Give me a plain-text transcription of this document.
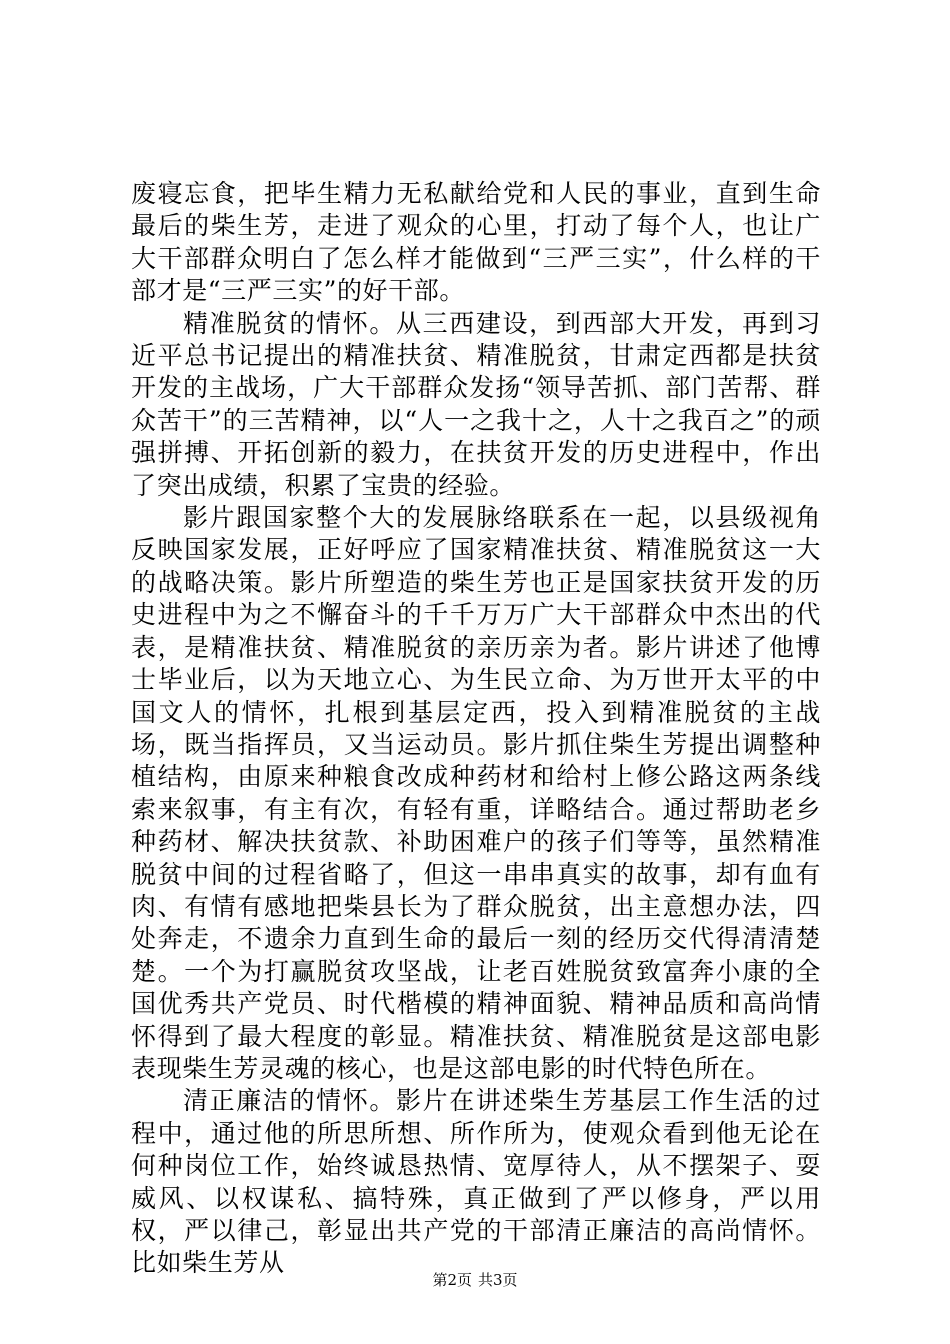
废寝忘食，把毕生精力无私献给党和人民的事业，直到生命最后的柴生芳，走进了观众的心里，打动了每个人，也让广大干部群众明白了怎么样才能做到“三严三实”，什么样的干部才是“三严三实”的好干部。

精准脱贫的情怀。从三西建设，到西部大开发，再到习近平总书记提出的精准扶贫、精准脱贫，甘肃定西都是扶贫开发的主战场，广大干部群众发扬“领导苦抓、部门苦帮、群众苦干”的三苦精神，以“人一之我十之，人十之我百之”的顽强拼搏、开拓创新的毅力，在扶贫开发的历史进程中，作出了突出成绩，积累了宝贵的经验。

影片跟国家整个大的发展脉络联系在一起，以县级视角反映国家发展，正好呼应了国家精准扶贫、精准脱贫这一大的战略决策。影片所塑造的柴生芳也正是国家扶贫开发的历史进程中为之不懈奋斗的千千万万广大干部群众中杰出的代表，是精准扶贫、精准脱贫的亲历亲为者。影片讲述了他博士毕业后，以为天地立心、为生民立命、为万世开太平的中国文人的情怀，扎根到基层定西，投入到精准脱贫的主战场，既当指挥员，又当运动员。影片抓住柴生芳提出调整种植结构，由原来种粮食改成种药材和给村上修公路这两条线索来叙事，有主有次，有轻有重，详略结合。通过帮助老乡种药材、解决扶贫款、补助困难户的孩子们等等，虽然精准脱贫中间的过程省略了，但这一串串真实的故事，却有血有肉、有情有感地把柴县长为了群众脱贫，出主意想办法，四处奔走，不遗余力直到生命的最后一刻的经历交代得清清楚楚。一个为打赢脱贫攻坚战，让老百姓脱贫致富奔小康的全国优秀共产党员、时代楷模的精神面貌、精神品质和高尚情怀得到了最大程度的彰显。精准扶贫、精准脱贫是这部电影表现柴生芳灵魂的核心，也是这部电影的时代特色所在。

清正廉洁的情怀。影片在讲述柴生芳基层工作生活的过程中，通过他的所思所想、所作所为，使观众看到他无论在何种岗位工作，始终诚恳热情、宽厚待人，从不摆架子、耍威风、以权谋私、搞特殊，真正做到了严以修身，严以用权，严以律己，彰显出共产党的干部清正廉洁的高尚情怀。比如柴生芳从

第2页 共3页
